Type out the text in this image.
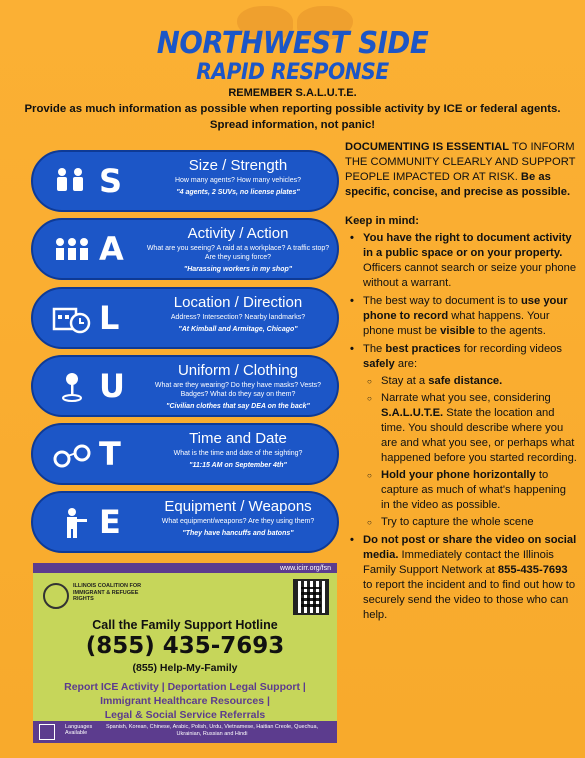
NORTHWEST SIDE
RAPID RESPONSE
REMEMBER S.A.L.U.T.E.
Provide as much information as possible when reporting possible activity by ICE or federal agents. Spread information, not panic!
S	Size / Strength
How many agents? How many vehicles?
"4 agents, 2 SUVs, no license plates"
A	Activity / Action
What are you seeing? A raid at a workplace? A traffic stop? Are they using force?
"Harassing workers in my shop"
L	Location / Direction
Address? Intersection? Nearby landmarks?
"At Kimball and Armitage, Chicago"
U	Uniform / Clothing
What are they wearing? Do they have masks? Vests? Badges? What do they say on them?
"Civilian clothes that say DEA on the back"
T	Time and Date
What is the time and date of the sighting?
"11:15 AM on September 4th"
E	Equipment / Weapons
What equipment/weapons? Are they using them?
"They have hancuffs and batons"
DOCUMENTING IS ESSENTIAL TO INFORM THE COMMUNITY CLEARLY AND SUPPORT PEOPLE IMPACTED OR AT RISK. Be as specific, concise, and precise as possible.
Keep in mind:
• You have the right to document activity in a public space or on your property. Officers cannot search or seize your phone without a warrant.
• The best way to document is to use your phone to record what happens. Your phone must be visible to the agents.
• The best practices for recording videos safely are:
○ Stay at a safe distance.
○ Narrate what you see, considering S.A.L.U.T.E. State the location and time. You should describe where you are and what you see, or perhaps what happened before you started recording.
○ Hold your phone horizontally to capture as much of what's happening in the video as possible.
○ Try to capture the whole scene
• Do not post or share the video on social media. Immediately contact the Illinois Family Support Network at 855-435-7693 to report the incident and to find out how to securely send the video to those who can help.
www.icirr.org/fsn
ILLINOIS COALITION FOR IMMIGRANT & REFUGEE RIGHTS
Call the Family Support Hotline
(855) 435-7693
(855) Help-My-Family
Report ICE Activity | Deportation Legal Support |
Immigrant Healthcare Resources |
Legal & Social Service Referrals
Languages Available
Spanish, Korean, Chinese, Arabic, Polish, Urdu, Vietnamese, Haitian Creole, Quechua, Ukrainian, Russian and Hindi
